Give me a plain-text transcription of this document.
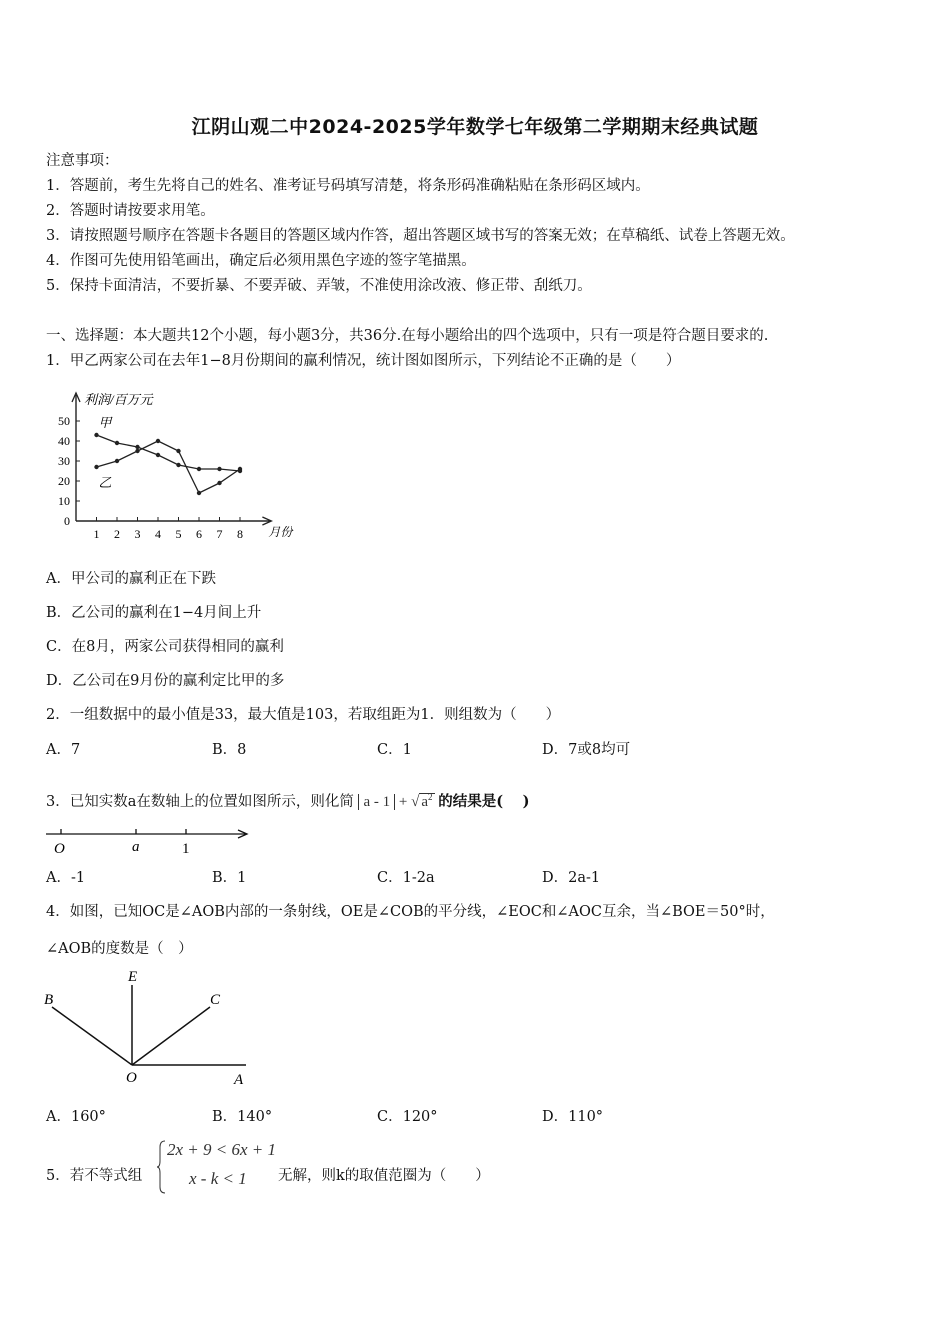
江阴山观二中2024-2025学年数学七年级第二学期期末经典试题
注意事项：
1．答题前，考生先将自己的姓名、准考证号码填写清楚，将条形码准确粘贴在条形码区域内。
2．答题时请按要求用笔。
3．请按照题号顺序在答题卡各题目的答题区域内作答，超出答题区域书写的答案无效；在草稿纸、试卷上答题无效。
4．作图可先使用铅笔画出，确定后必须用黑色字迹的签字笔描黑。
5．保持卡面清洁，不要折暴、不要弄破、弄皱，不准使用涂改液、修正带、刮纸刀。
一、选择题：本大题共12个小题，每小题3分，共36分.在每小题给出的四个选项中，只有一项是符合题目要求的.
1．甲乙两家公司在去年1−8月份期间的赢利情况，统计图如图所示，下列结论不正确的是（　　）
利润/百万元
月份
0
10
20
30
40
50
1 2 3 4 5 6 7 8
甲
乙
A．甲公司的赢利正在下跌
B．乙公司的赢利在1−4月间上升
C．在8月，两家公司获得相同的赢利
D．乙公司在9月份的赢利定比甲的多
2．一组数据中的最小值是33，最大值是103，若取组距为1．则组数为（　　）
A．7	B．8	C．1	D．7或8均可
3．已知实数a在数轴上的位置如图所示，则化简 a - 1 + √ $a^2$ 的结果是(　 )
O	a	1
A．-1	B．1	C．1-2a	D．2a-1
4．如图，已知OC是∠AOB内部的一条射线，OE是∠COB的平分线，∠EOC和∠AOC互余，当∠BOE＝50°时，
∠AOB的度数是（　）
B
E
C
O	A
A．160°	B．140°	C．120°	D．110°
5．若不等式组
2x + 9 < 6x + 1
x - k < 1 无解，则k的取值范圈为（　　）
